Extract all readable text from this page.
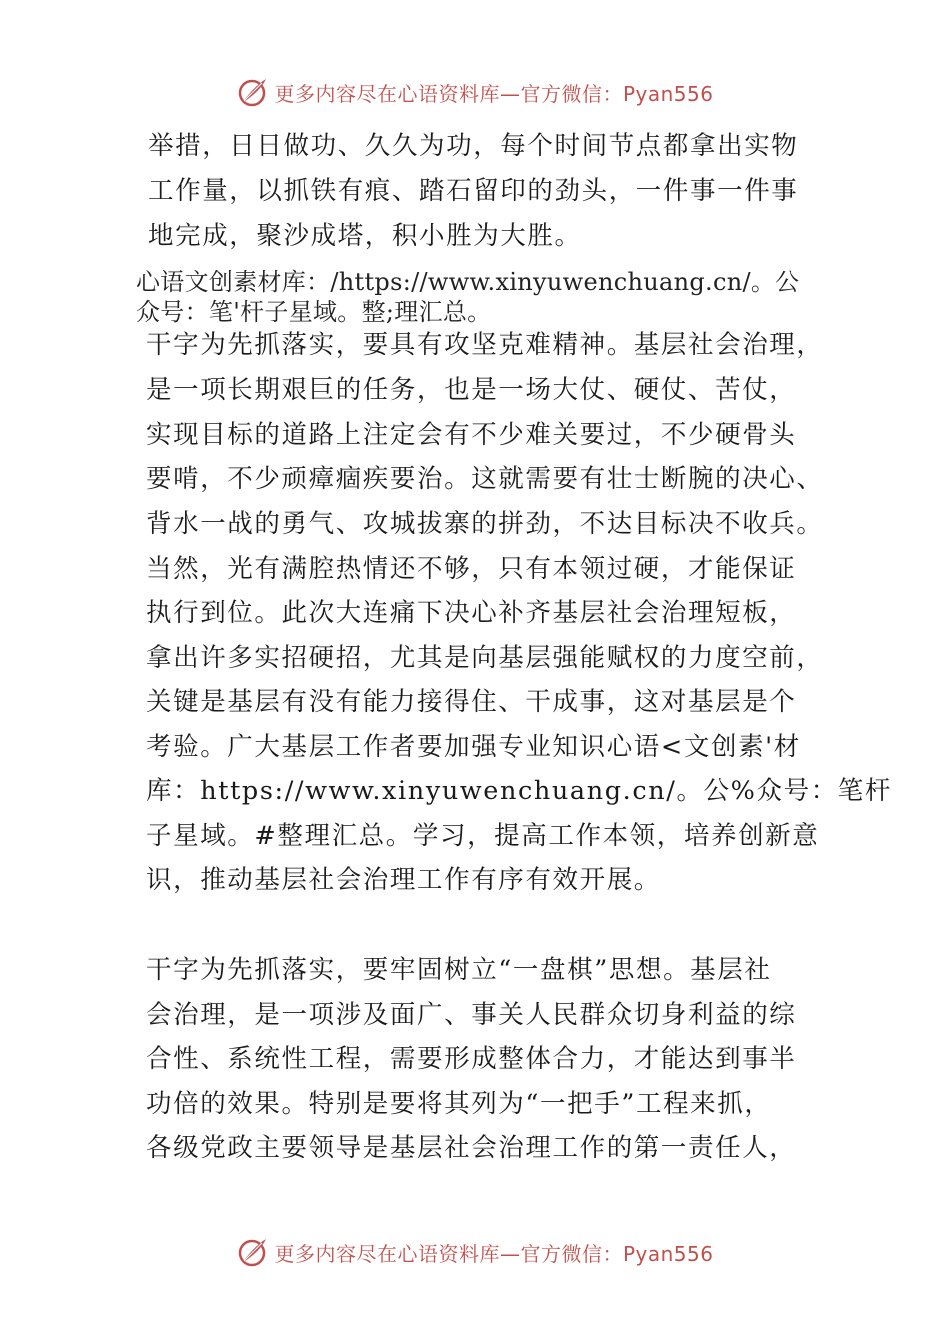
更多内容尽在心语资料库—官方微信：Pyan556
举措，日日做功、久久为功，每个时间节点都拿出实物
工作量，以抓铁有痕、踏石留印的劲头，一件事一件事
地完成，聚沙成塔，积小胜为大胜。
心语文创素材库：/https://www.xinyuwenchuang.cn/。公
众号：笔'杆子星域。整;理汇总。
干字为先抓落实，要具有攻坚克难精神。基层社会治理，
是一项长期艰巨的任务，也是一场大仗、硬仗、苦仗，
实现目标的道路上注定会有不少难关要过，不少硬骨头
要啃，不少顽瘴痼疾要治。这就需要有壮士断腕的决心、
背水一战的勇气、攻城拔寨的拼劲，不达目标决不收兵。
当然，光有满腔热情还不够，只有本领过硬，才能保证
执行到位。此次大连痛下决心补齐基层社会治理短板，
拿出许多实招硬招，尤其是向基层强能赋权的力度空前，
关键是基层有没有能力接得住、干成事，这对基层是个
考验。广大基层工作者要加强专业知识心语<文创素'材
库：https://www.xinyuwenchuang.cn/。公%众号：笔杆
子星域。#整理汇总。学习，提高工作本领，培养创新意
识，推动基层社会治理工作有序有效开展。
干字为先抓落实，要牢固树立“一盘棋”思想。基层社
会治理，是一项涉及面广、事关人民群众切身利益的综
合性、系统性工程，需要形成整体合力，才能达到事半
功倍的效果。特别是要将其列为“一把手”工程来抓，
各级党政主要领导是基层社会治理工作的第一责任人，
更多内容尽在心语资料库—官方微信：Pyan556
